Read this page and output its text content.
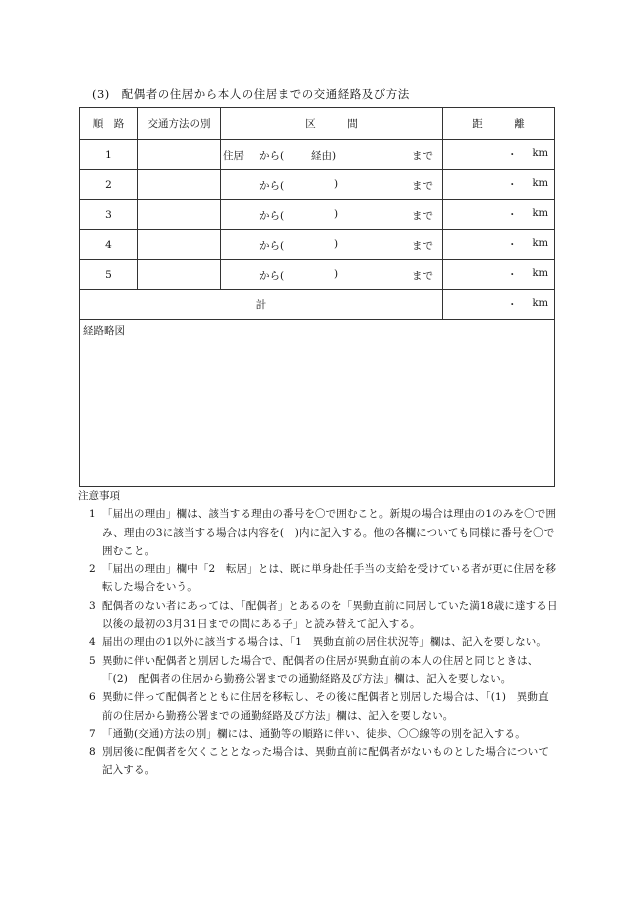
(3)　配偶者の住居から本人の住居までの交通経路及び方法
順　路	交通方法の別	区　　　間	距　　　離
1		住居 から( 経由) まで	・ km

2		から( ) まで	・ km

3		から( ) まで	・ km

4		から( ) まで	・ km

5		から( ) まで	・ km

計			・ km

経路略図			
注意事項
1 「届出の理由」欄は、該当する理由の番号を〇で囲むこと。新規の場合は理由の1のみを〇で囲み、理由の3に該当する場合は内容を(　)内に記入する。他の各欄についても同様に番号を〇で囲むこと。
2 「届出の理由」欄中「2　転居」とは、既に単身赴任手当の支給を受けている者が更に住居を移転した場合をいう。
3 配偶者のない者にあっては、「配偶者」とあるのを「異動直前に同居していた満18歳に達する日以後の最初の3月31日までの間にある子」と読み替えて記入する。
4 届出の理由の1以外に該当する場合は、「1　異動直前の居住状況等」欄は、記入を要しない。
5 異動に伴い配偶者と別居した場合で、配偶者の住居が異動直前の本人の住居と同じときは、「(2)　配偶者の住居から勤務公署までの通勤経路及び方法」欄は、記入を要しない。
6 異動に伴って配偶者とともに住居を移転し、その後に配偶者と別居した場合は、「(1)　異動直前の住居から勤務公署までの通勤経路及び方法」欄は、記入を要しない。
7 「通勤(交通)方法の別」欄には、通勤等の順路に伴い、徒歩、〇〇線等の別を記入する。
8 別居後に配偶者を欠くこととなった場合は、異動直前に配偶者がないものとした場合について記入する。
